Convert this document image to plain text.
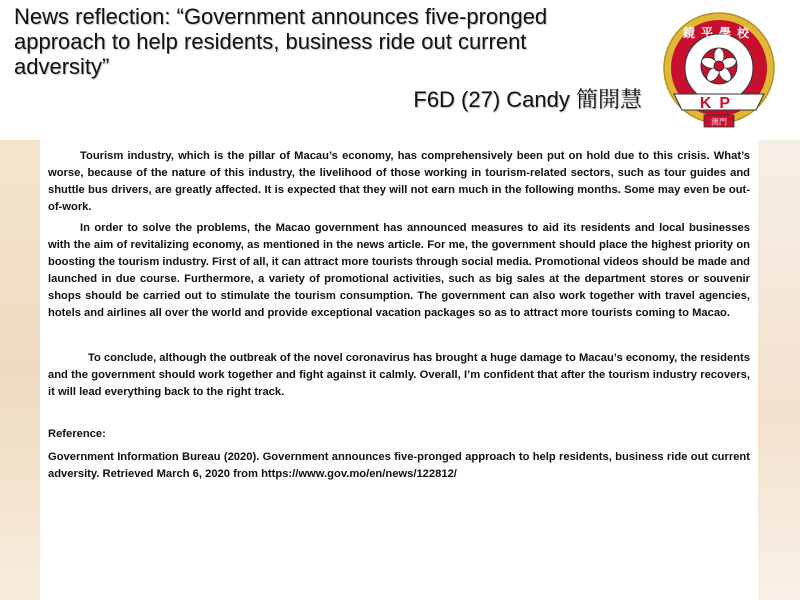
News reflection: “Government announces five-pronged
approach to help residents, business ride out current
adversity”
F6D (27) Candy 簡開慧
鏡平學校
KP
澳門

Tourism industry, which is the pillar of Macau’s economy, has comprehensively been put on hold due to this crisis. What’s worse, because of the nature of this industry, the livelihood of those working in tourism-related sectors, such as tour guides and shuttle bus drivers, are greatly affected. It is expected that they will not earn much in the following months. Some may even be out-of-work.

In order to solve the problems, the Macao government has announced measures to aid its residents and local businesses with the aim of revitalizing economy, as mentioned in the news article. For me, the government should place the highest priority on boosting the tourism industry. First of all, it can attract more tourists through social media. Promotional videos should be made and launched in due course. Furthermore, a variety of promotional activities, such as big sales at the department stores or souvenir shops should be carried out to stimulate the tourism consumption. The government can also work together with travel agencies, hotels and airlines all over the world and provide exceptional vacation packages so as to attract more tourists coming to Macao.

To conclude, although the outbreak of the novel coronavirus has brought a huge damage to Macau’s economy, the residents and the government should work together and fight against it calmly. Overall, I’m confident that after the tourism industry recovers, it will lead everything back to the right track.

Reference:

Government Information Bureau (2020). Government announces five-pronged approach to help residents, business ride out current adversity. Retrieved March 6, 2020 from https://www.gov.mo/en/news/122812/
